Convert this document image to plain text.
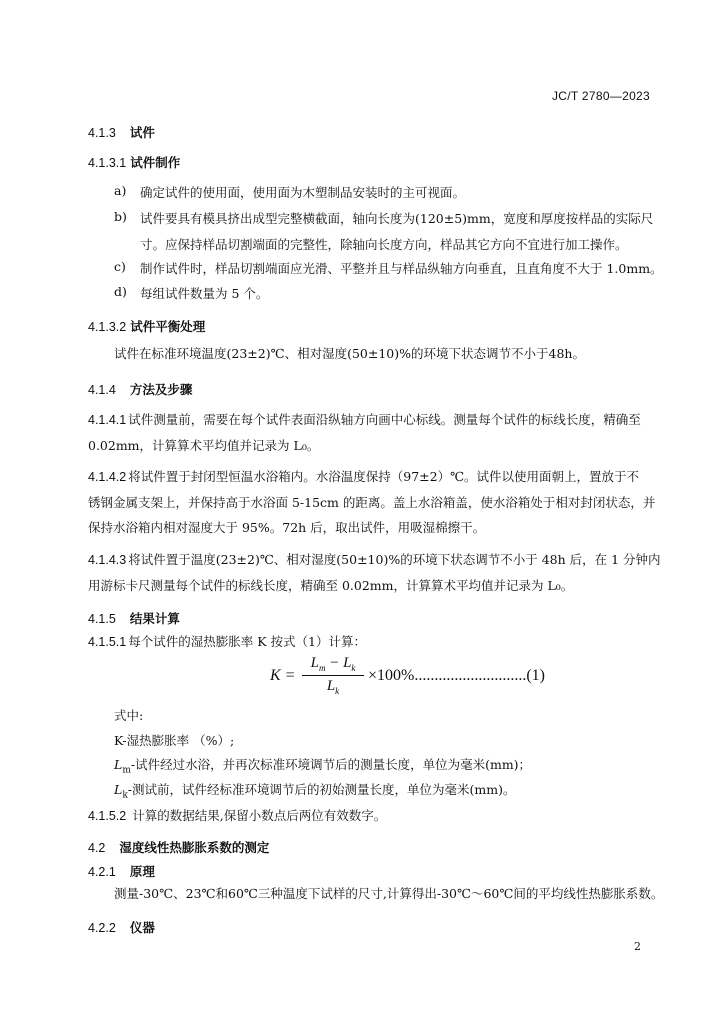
JC/T 2780—2023
4.1.3 试件
4.1.3.1 试件制作
a) 确定试件的使用面，使用面为木塑制品安装时的主可视面。
b) 试件要具有模具挤出成型完整横截面，轴向长度为(120±5)mm，宽度和厚度按样品的实际尺
寸。应保持样品切割端面的完整性，除轴向长度方向，样品其它方向不宜进行加工操作。
c) 制作试件时，样品切割端面应光滑、平整并且与样品纵轴方向垂直，且直角度不大于 1.0mm。
d) 每组试件数量为 5 个。
4.1.3.2 试件平衡处理
试件在标准环境温度(23±2)℃、相对湿度(50±10)%的环境下状态调节不小于48h。
4.1.4 方法及步骤
4.1.4.1 试件测量前，需要在每个试件表面沿纵轴方向画中心标线。测量每个试件的标线长度，精确至
0.02mm，计算算术平均值并记录为 L₀。
4.1.4.2 将试件置于封闭型恒温水浴箱内。水浴温度保持（97±2）℃。试件以使用面朝上，置放于不
锈钢金属支架上，并保持高于水浴面 5-15cm 的距离。盖上水浴箱盖，使水浴箱处于相对封闭状态，并
保持水浴箱内相对湿度大于 95%。72h 后，取出试件，用吸湿棉擦干。
4.1.4.3 将试件置于温度(23±2)℃、相对湿度(50±10)%的环境下状态调节不小于 48h 后，在 1 分钟内
用游标卡尺测量每个试件的标线长度，精确至 0.02mm，计算算术平均值并记录为 L₀。
4.1.5 结果计算
4.1.5.1 每个试件的湿热膨胀率 K 按式（1）计算：
K =
$L_m - L_k$
$L_k$
×100%............................(1)
式中:
K-湿热膨胀率 （%）;
$L_m-$试件经过水浴，并再次标准环境调节后的测量长度，单位为毫米(mm)；
$L_k-$测试前，试件经标准环境调节后的初始测量长度，单位为毫米(mm)。
4.1.5.2 计算的数据结果,保留小数点后两位有效数字。
4.2 湿度线性热膨胀系数的测定
4.2.1 原理
测量-30℃、23℃和60℃三种温度下试样的尺寸,计算得出-30℃～60℃间的平均线性热膨胀系数。
4.2.2 仪器
2
